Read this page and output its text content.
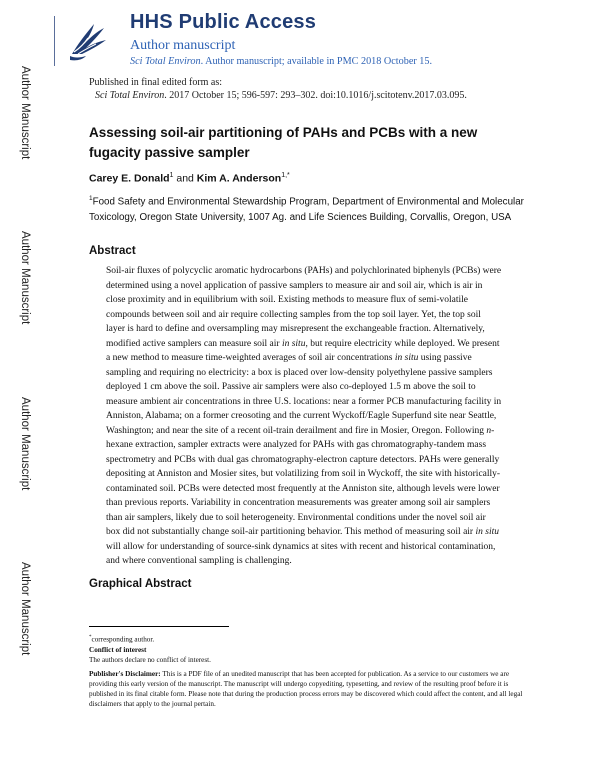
Author Manuscript
Author Manuscript
Author Manuscript
Author Manuscript
HHS Public Access
Author manuscript
Sci Total Environ. Author manuscript; available in PMC 2018 October 15.
Published in final edited form as:
Sci Total Environ. 2017 October 15; 596-597: 293–302. doi:10.1016/j.scitotenv.2017.03.095.
Assessing soil-air partitioning of PAHs and PCBs with a new fugacity passive sampler
Carey E. Donald$^1$ and Kim A. Anderson$^{1,*}$
$^1$Food Safety and Environmental Stewardship Program, Department of Environmental and Molecular Toxicology, Oregon State University, 1007 Ag. and Life Sciences Building, Corvallis, Oregon, USA
Abstract
Soil-air fluxes of polycyclic aromatic hydrocarbons (PAHs) and polychlorinated biphenyls (PCBs) were determined using a novel application of passive samplers to measure air and soil air, which is air in close proximity and in equilibrium with soil. Existing methods to measure flux of semi-volatile compounds between soil and air require collecting samples from the top soil layer. Yet, the top soil layer is hard to define and oversampling may misrepresent the exchangeable fraction. Alternatively, modified active samplers can measure soil air in situ, but require electricity while deployed. We present a new method to measure time-weighted averages of soil air concentrations in situ using passive sampling and requiring no electricity: a box is placed over low-density polyethylene passive samplers deployed 1 cm above the soil. Passive air samplers were also co-deployed 1.5 m above the soil to measure ambient air concentrations in three U.S. locations: near a former PCB manufacturing facility in Anniston, Alabama; on a former creosoting and the current Wyckoff/Eagle Superfund site near Seattle, Washington; and near the site of a recent oil-train derailment and fire in Mosier, Oregon. Following n-hexane extraction, sampler extracts were analyzed for PAHs with gas chromatography-tandem mass spectrometry and PCBs with dual gas chromatography-electron capture detectors. PAHs were generally depositing at Anniston and Mosier sites, but volatilizing from soil in Wyckoff, the site with historically-contaminated soil. PCBs were detected most frequently at the Anniston site, although levels were lower than previous reports. Variability in concentration measurements was greater among soil air samplers than air samplers, likely due to soil heterogeneity. Environmental conditions under the novel soil air box did not substantially change soil-air partitioning behavior. This method of measuring soil air in situ will allow for understanding of source-sink dynamics at sites with recent and historical contamination, and where conventional sampling is challenging.
Graphical Abstract
*corresponding author.
Conflict of interest
The authors declare no conflict of interest.
Publisher's Disclaimer: This is a PDF file of an unedited manuscript that has been accepted for publication. As a service to our customers we are providing this early version of the manuscript. The manuscript will undergo copyediting, typesetting, and review of the resulting proof before it is published in its final citable form. Please note that during the production process errors may be discovered which could affect the content, and all legal disclaimers that apply to the journal pertain.
